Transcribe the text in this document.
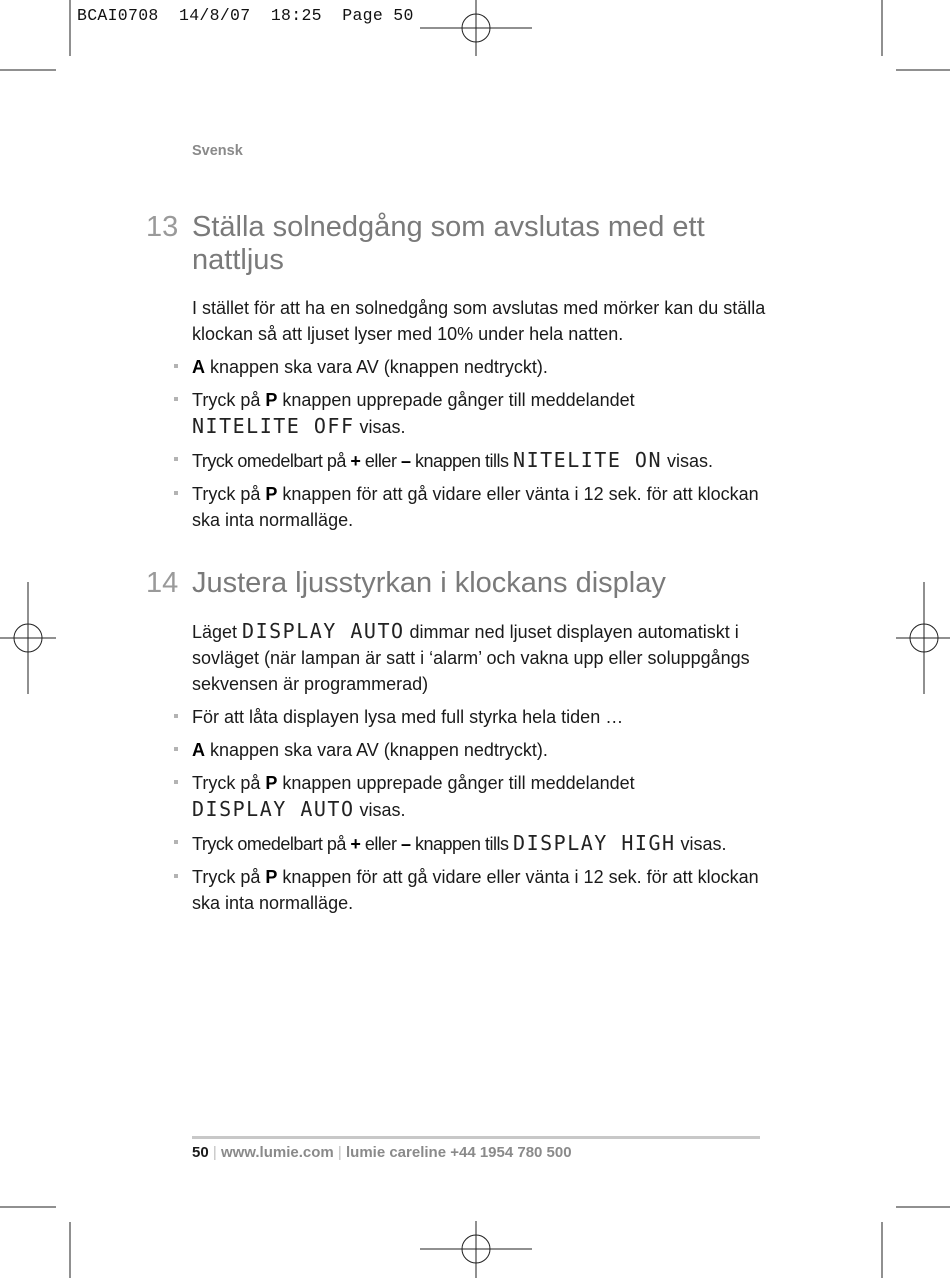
BCAI0708 14/8/07 18:25 Page 50
Svensk
13 Ställa solnedgång som avslutas med ett nattljus

I stället för att ha en solnedgång som avslutas med mörker kan du ställa klockan så att ljuset lyser med 10% under hela natten.

A knappen ska vara AV (knappen nedtryckt).
Tryck på P knappen upprepade gånger till meddelandet
NITELITE OFF visas.
Tryck omedelbart på + eller – knappen tills NITELITE ON visas.
Tryck på P knappen för att gå vidare eller vänta i 12 sek. för att klockan ska inta normalläge.
14 Justera ljusstyrkan i klockans display

Läget DISPLAY AUTO dimmar ned ljuset displayen automatiskt i sovläget (när lampan är satt i ‘alarm’ och vakna upp eller soluppgångs sekvensen är programmerad)

För att låta displayen lysa med full styrka hela tiden …
A knappen ska vara AV (knappen nedtryckt).
Tryck på P knappen upprepade gånger till meddelandet
DISPLAY AUTO visas.
Tryck omedelbart på + eller – knappen tills DISPLAY HIGH visas.
Tryck på P knappen för att gå vidare eller vänta i 12 sek. för att klockan ska inta normalläge.
50 | www.lumie.com | lumie careline +44 1954 780 500
